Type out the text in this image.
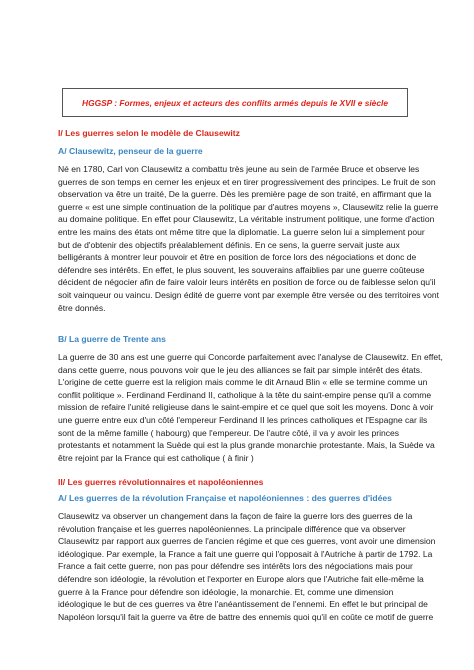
HGGSP : Formes, enjeux et acteurs des conflits armés depuis le XVII e siècle
I/ Les guerres selon le modèle de Clausewitz
A/ Clausewitz, penseur de la guerre
Né en 1780, Carl von Clausewitz a combattu très jeune au sein de l'armée Bruce et observe les
guerres de son temps en cerner les enjeux et en tirer progressivement des principes. Le fruit de son
observation va être un traité, De la guerre. Dès les première page de son traité, en affirmant que la
guerre « est une simple continuation de la politique par d'autres moyens », Clausewitz relie la guerre
au domaine politique. En effet pour Clausewitz, La véritable instrument politique, une forme d'action
entre les mains des états ont même titre que la diplomatie. La guerre selon lui a simplement pour
but de d'obtenir des objectifs préalablement définis. En ce sens, la guerre servait juste aux
belligérants à montrer leur pouvoir et être en position de force lors des négociations et donc de
défendre ses intérêts. En effet, le plus souvent, les souverains affaiblies par une guerre coûteuse
décident de négocier afin de faire valoir leurs intérêts en position de force ou de faiblesse selon qu'il
soit vainqueur ou vaincu. Design édité de guerre vont par exemple être versée ou des territoires vont
être donnés.
B/ La guerre de Trente ans
La guerre de 30 ans est une guerre qui Concorde parfaitement avec l'analyse de Clausewitz. En effet,
dans cette guerre, nous pouvons voir que le jeu des alliances se fait par simple intérêt des états.
L'origine de cette guerre est la religion mais comme le dit Arnaud Blin « elle se termine comme un
conflit politique ». Ferdinand Ferdinand II, catholique à la tête du saint-empire pense qu'il a comme
mission de refaire l'unité religieuse dans le saint-empire et ce quel que soit les moyens. Donc à voir
une guerre entre eux d'un côté l'empereur Ferdinand II les princes catholiques et l'Espagne car ils
sont de la même famille ( habourg) que l'empereur. De l'autre côté, il va y avoir les princes
protestants et notamment la Suède qui est la plus grande monarchie protestante. Mais, la Suède va
être rejoint par la France qui est catholique ( à finir )
II/ Les guerres révolutionnaires et napoléoniennes
A/ Les guerres de la révolution Française et napoléoniennes : des guerres d'idées
Clausewitz va observer un changement dans la façon de faire la guerre lors des guerres de la
révolution française et les guerres napoléoniennes. La principale différence que va observer
Clausewitz par rapport aux guerres de l'ancien régime et que ces guerres, vont avoir une dimension
idéologique. Par exemple, la France a fait une guerre qui l'opposait à l'Autriche à partir de 1792. La
France a fait cette guerre, non pas pour défendre ses intérêts lors des négociations mais pour
défendre son idéologie, la révolution et l'exporter en Europe alors que l'Autriche fait elle-même la
guerre à la France pour défendre son idéologie, la monarchie. Et, comme une dimension
idéologique le but de ces guerres va être l'anéantissement de l'ennemi. En effet le but principal de
Napoléon lorsqu'il fait la guerre va être de battre des ennemis quoi qu'il en coûte ce motif de guerre
